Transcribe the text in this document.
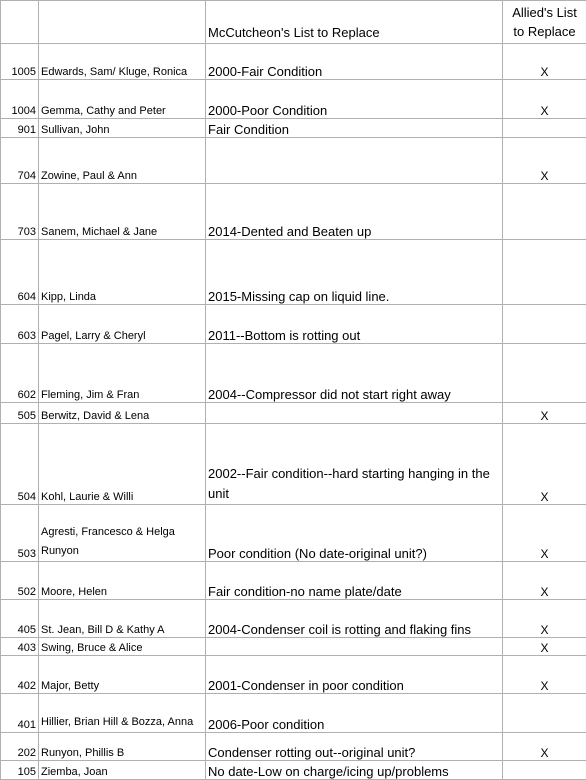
		McCutcheon's List to Replace	Allied's List to Replace
1005	Edwards, Sam/ Kluge, Ronica	2000-Fair Condition	X
1004	Gemma, Cathy and Peter	2000-Poor Condition	X
901	Sullivan, John	Fair Condition	
704	Zowine, Paul & Ann		X
703	Sanem, Michael & Jane	2014-Dented and Beaten up	
604	Kipp, Linda	2015-Missing cap on liquid line.	
603	Pagel, Larry & Cheryl	2011--Bottom is rotting out	
602	Fleming, Jim & Fran	2004--Compressor did not start right away	
505	Berwitz, David & Lena		X
504	Kohl, Laurie & Willi	2002--Fair condition--hard starting hanging in the unit	X
503	Agresti, Francesco & Helga Runyon	Poor condition (No date-original unit?)	X
502	Moore, Helen	Fair condition-no name plate/date	X
405	St. Jean, Bill D & Kathy A	2004-Condenser coil is rotting and flaking fins	X
403	Swing, Bruce & Alice		X
402	Major, Betty	2001-Condenser in poor condition	X
401	Hillier, Brian Hill & Bozza, Anna	2006-Poor condition	
202	Runyon, Phillis B	Condenser rotting out--original unit?	X
105	Ziemba, Joan	No date-Low on charge/icing up/problems	
